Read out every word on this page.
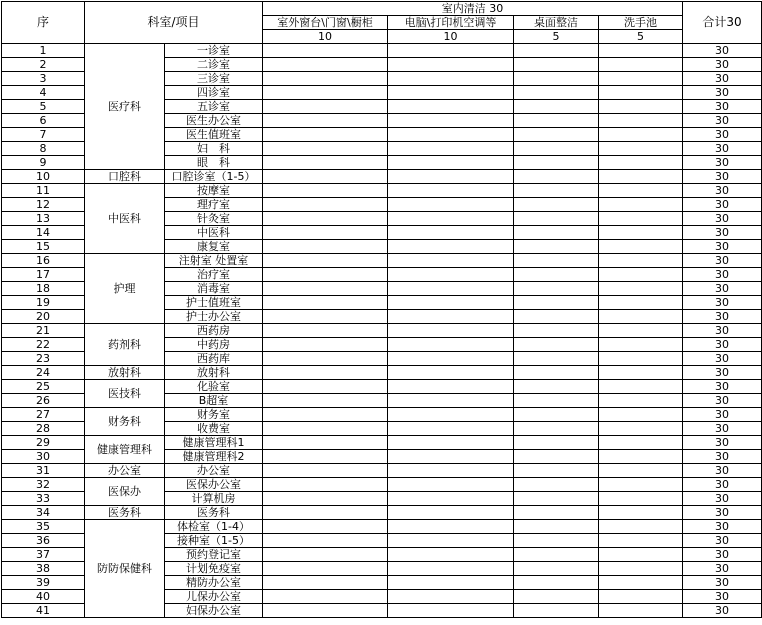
序	科室/项目		室内清洁 30				合计30
			室外窗台\门窗\橱柜	电脑\打印机空调等	桌面整洁	洗手池	
			10	10	5	5	
1	医疗科	一诊室					30
2		二诊室					30
3		三诊室					30
4		四诊室					30
5		五诊室					30
6		医生办公室					30
7		医生值班室					30
8		妇　科					30
9		眼　科					30
10	口腔科	口腔诊室（1-5）					30
11	中医科	按摩室					30
12		理疗室					30
13		针灸室					30
14		中医科					30
15		康复室					30
16	护理	注射室 处置室					30
17		治疗室					30
18		消毒室					30
19		护士值班室					30
20		护士办公室					30
21	药剂科	西药房					30
22		中药房					30
23		西药库					30
24	放射科	放射科					30
25	医技科	化验室					30
26		B超室					30
27	财务科	财务室					30
28		收费室					30
29	健康管理科	健康管理科1					30
30		健康管理科2					30
31	办公室	办公室					30
32	医保办	医保办公室					30
33		计算机房					30
34	医务科	医务科					30
35	防防保健科	体检室（1-4）					30
36		接种室（1-5）					30
37		预约登记室					30
38		计划免疫室					30
39		精防办公室					30
40		儿保办公室					30
41		妇保办公室					30
